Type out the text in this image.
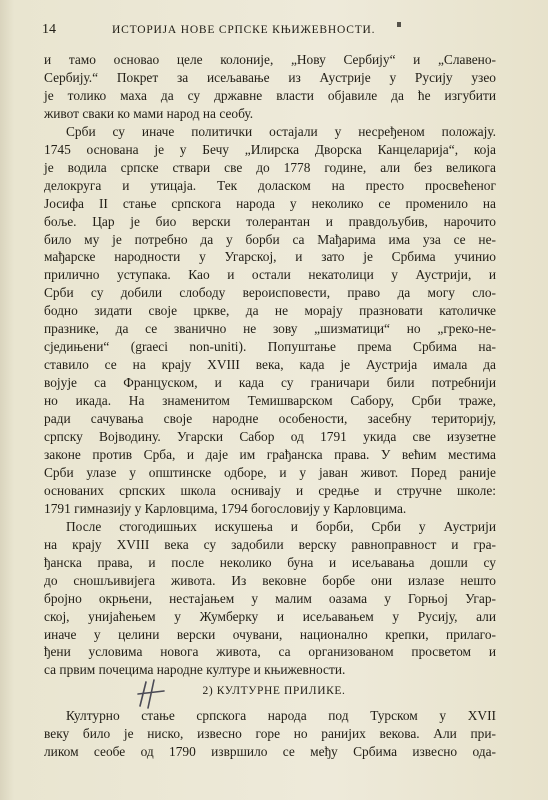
14	ИСТОРИЈА НОВЕ СРПСКЕ КЊИЖЕВНОСТИ.
и тамо основао целе колоније, „Нову Сербију“ и „Славено-
Сербију.“ Покрет за исељавање из Аустрије у Русију узео
је толико маха да су државне власти објавиле да ће изгубити
живот сваки ко мами народ на сеобу.
Срби су иначе политички остајали у несређеном положају.
1745 основана је у Бечу „Илирска Дворска Канцеларија“, која
је водила српске ствари све до 1778 године, али без великога
делокруга и утицаја. Тек доласком на престо просвећеног
Јосифа II стање српскога народа у неколико се променило на
боље. Цар је био верски толерантан и правдољубив, нарочито
било му је потребно да у борби са Мађарима има уза се не-
мађарске народности у Угарској, и зато је Србима учинио
прилично уступака. Као и остали некатолици у Аустрији, и
Срби су добили слободу вероисповести, право да могу сло-
бодно зидати своје цркве, да не морају празновати католичке
празнике, да се званично не зову „шизматици“ но „греко-не-
сједињени“ (graeci non-uniti). Попуштање према Србима на-
ставило се на крају XVIII века, када је Аустрија имала да
војује са Француском, и када су граничари били потребнији
но икада. На знаменитом Темишварском Сабору, Срби траже,
ради сачувања своје народне особености, засебну територију,
српску Војводину. Угарски Сабор од 1791 укида све изузетне
законе против Срба, и даје им грађанска права. У већим местима
Срби улазе у општинске одборе, и у јаван живот. Поред раније
основаних српских школа оснивају и средње и стручне школе:
1791 гимназију у Карловцима, 1794 богословију у Карловцима.
После стогодишњих искушења и борби, Срби у Аустрији
на крају XVIII века су задобили верску равноправност и гра-
ђанска права, и после неколико буна и исељавања дошли су
до сношљивијега живота. Из вековне борбе они излазе нешто
бројно окрњени, нестајањем у малим оазама у Горњој Угар-
ској, унијаћењем у Жумберку и исељавањем у Русију, али
иначе у целини верски очувани, национално крепки, прилаго-
ђени условима новога живота, са организованом просветом и
са првим почецима народне културе и књижевности.
2) КУЛТУРНЕ ПРИЛИКЕ.
Културно стање српскога народа под Турском у XVII
веку било је ниско, извесно горе но ранијих векова. Али при-
ликом сеобе од 1790 извршило се међу Србима извесно ода-
